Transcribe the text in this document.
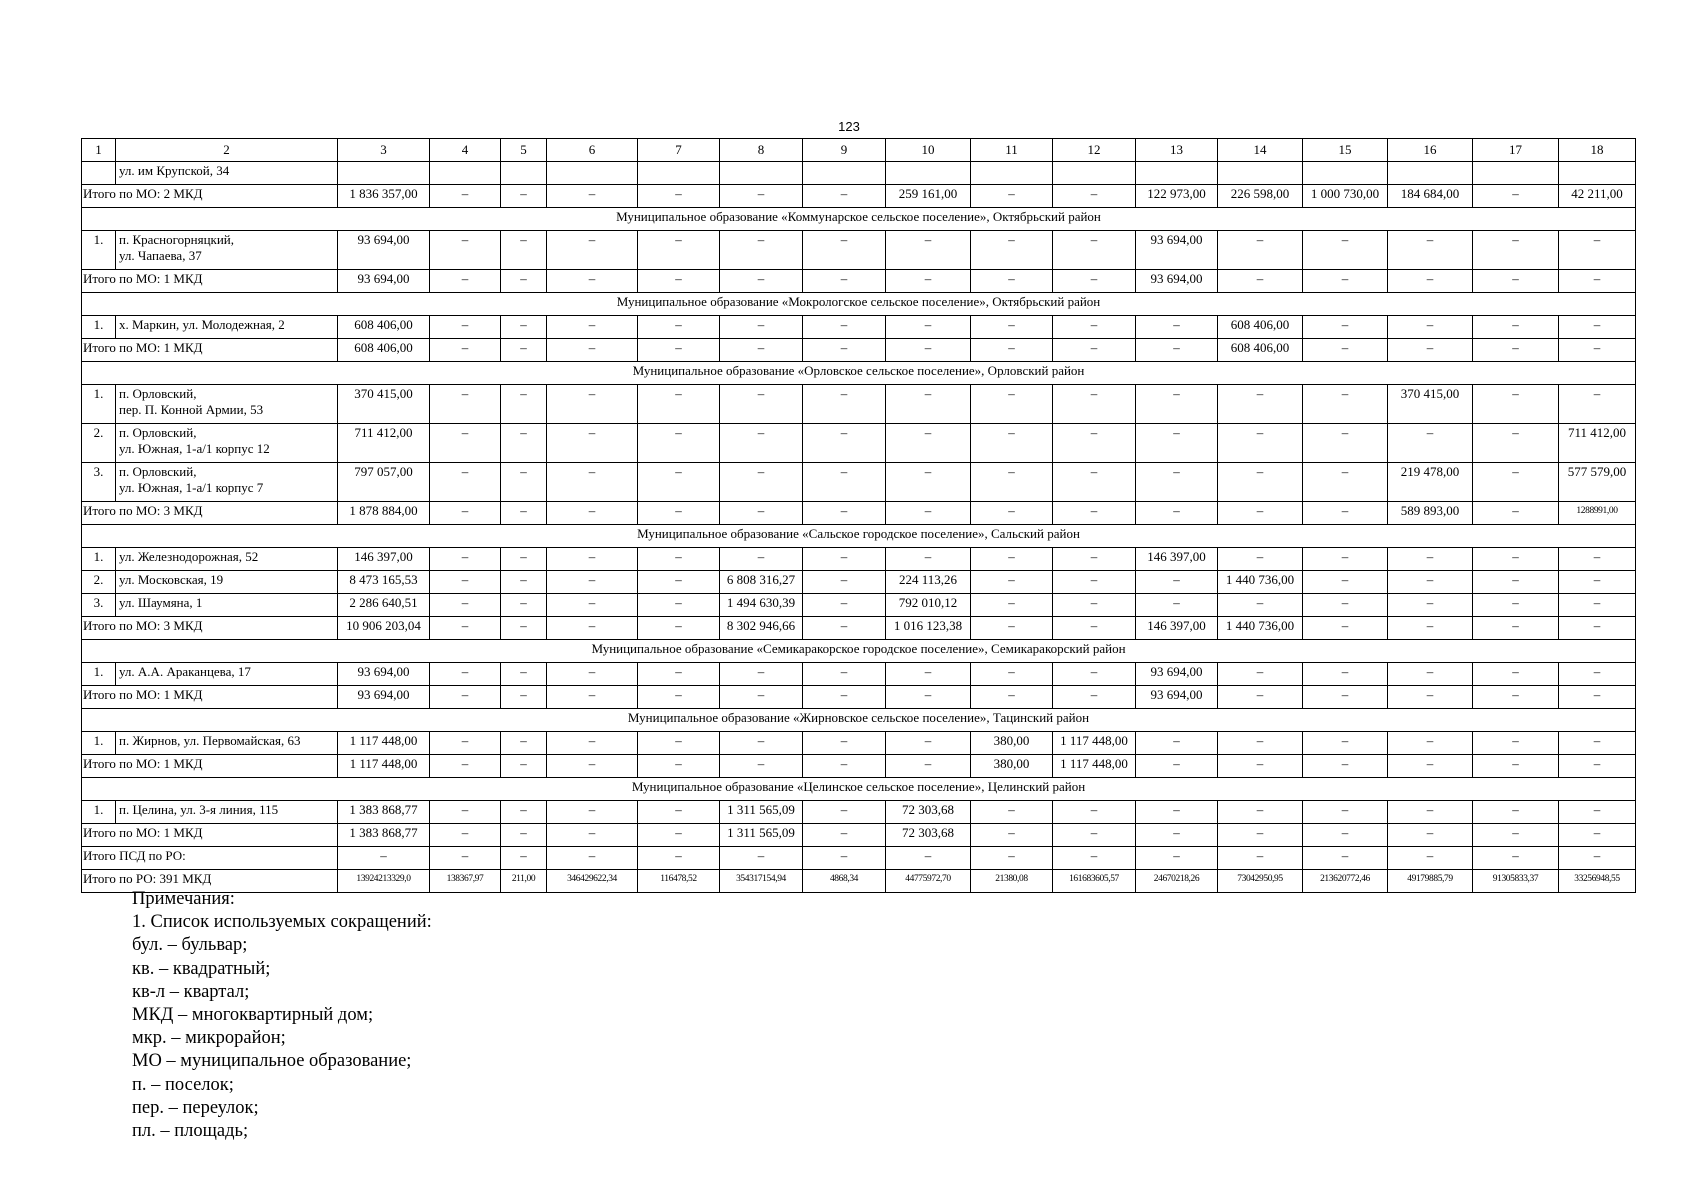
123
1	2	3	4	5	6	7	8	9	10	11	12	13	14	15	16	17	18
	ул. им Крупской, 34																
Итого по МО: 2 МКД		1 836 357,00	–	–	–	–	–	–	259 161,00	–	–	122 973,00	226 598,00	1 000 730,00	184 684,00	–	42 211,00
Муниципальное образование «Коммунарское сельское поселение», Октябрьский район																	
1.	п. Красногорняцкий,
ул. Чапаева, 37	93 694,00	–	–	–	–	–	–	–	–	–	93 694,00	–	–	–	–	–
Итого по МО: 1 МКД		93 694,00	–	–	–	–	–	–	–	–	–	93 694,00	–	–	–	–	–
Муниципальное образование «Мокрологское сельское поселение», Октябрьский район																	
1.	х. Маркин, ул. Молодежная, 2	608 406,00	–	–	–	–	–	–	–	–	–	–	608 406,00	–	–	–	–
Итого по МО: 1 МКД		608 406,00	–	–	–	–	–	–	–	–	–	–	608 406,00	–	–	–	–
Муниципальное образование «Орловское сельское поселение», Орловский район																	
1.	п. Орловский,
пер. П. Конной Армии, 53	370 415,00	–	–	–	–	–	–	–	–	–	–	–	–	370 415,00	–	–
2.	п. Орловский,
ул. Южная, 1-а/1 корпус 12	711 412,00	–	–	–	–	–	–	–	–	–	–	–	–	–	–	711 412,00
3.	п. Орловский,
ул. Южная, 1-а/1 корпус 7	797 057,00	–	–	–	–	–	–	–	–	–	–	–	–	219 478,00	–	577 579,00
Итого по МО: 3 МКД		1 878 884,00	–	–	–	–	–	–	–	–	–	–	–	–	589 893,00	–	1288991,00
Муниципальное образование «Сальское городское поселение», Сальский район																	
1.	ул. Железнодорожная, 52	146 397,00	–	–	–	–	–	–	–	–	–	146 397,00	–	–	–	–	–
2.	ул. Московская, 19	8 473 165,53	–	–	–	–	6 808 316,27	–	224 113,26	–	–	–	1 440 736,00	–	–	–	–
3.	ул. Шаумяна, 1	2 286 640,51	–	–	–	–	1 494 630,39	–	792 010,12	–	–	–	–	–	–	–	–
Итого по МО: 3 МКД		10 906 203,04	–	–	–	–	8 302 946,66	–	1 016 123,38	–	–	146 397,00	1 440 736,00	–	–	–	–
Муниципальное образование «Семикаракорское городское поселение», Семикаракорский район																	
1.	ул. А.А. Араканцева, 17	93 694,00	–	–	–	–	–	–	–	–	–	93 694,00	–	–	–	–	–
Итого по МО: 1 МКД		93 694,00	–	–	–	–	–	–	–	–	–	93 694,00	–	–	–	–	–
Муниципальное образование «Жирновское сельское поселение», Тацинский район																	
1.	п. Жирнов, ул. Первомайская, 63	1 117 448,00	–	–	–	–	–	–	–	380,00	1 117 448,00	–	–	–	–	–	–
Итого по МО: 1 МКД		1 117 448,00	–	–	–	–	–	–	–	380,00	1 117 448,00	–	–	–	–	–	–
Муниципальное образование «Целинское сельское поселение», Целинский район																	
1.	п. Целина, ул. 3-я линия, 115	1 383 868,77	–	–	–	–	1 311 565,09	–	72 303,68	–	–	–	–	–	–	–	–
Итого по МО: 1 МКД		1 383 868,77	–	–	–	–	1 311 565,09	–	72 303,68	–	–	–	–	–	–	–	–
Итого ПСД по РО:		–	–	–	–	–	–	–	–	–	–	–	–	–	–	–	–
Итого по РО: 391 МКД		13924213329,0	138367,97	211,00	346429622,34	116478,52	354317154,94	4868,34	44775972,70	21380,08	161683605,57	24670218,26	73042950,95	213620772,46	49179885,79	91305833,37	33256948,55
Примечания:
1. Список используемых сокращений:
бул. – бульвар;
кв. – квадратный;
кв-л – квартал;
МКД – многоквартирный дом;
мкр. – микрорайон;
МО – муниципальное образование;
п. – поселок;
пер. – переулок;
пл. – площадь;
